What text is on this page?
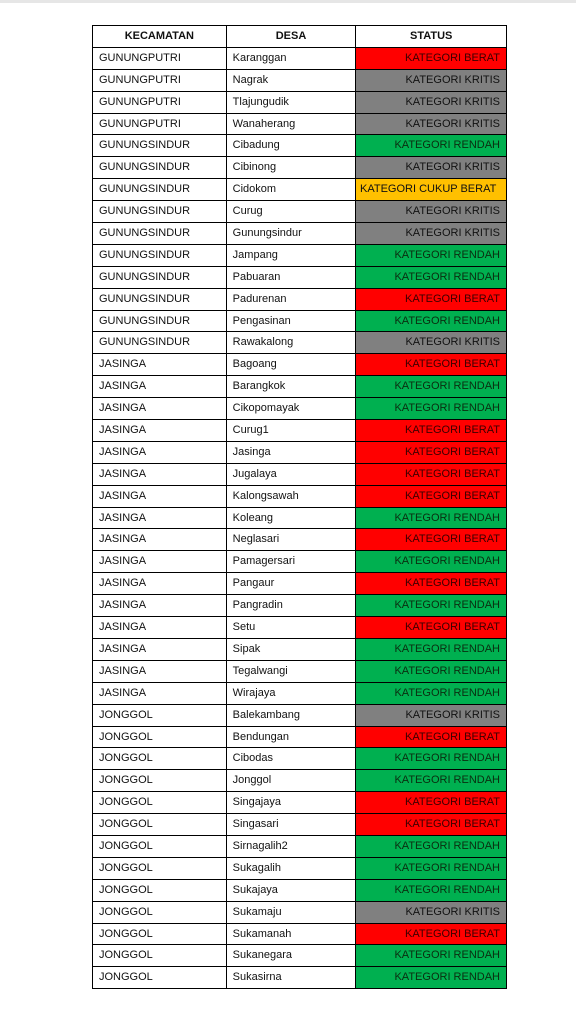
KECAMATAN	DESA	STATUS
GUNUNGPUTRI	Karanggan	KATEGORI BERAT
GUNUNGPUTRI	Nagrak	KATEGORI KRITIS
GUNUNGPUTRI	Tlajungudik	KATEGORI KRITIS
GUNUNGPUTRI	Wanaherang	KATEGORI KRITIS
GUNUNGSINDUR	Cibadung	KATEGORI RENDAH
GUNUNGSINDUR	Cibinong	KATEGORI KRITIS
GUNUNGSINDUR	Cidokom	KATEGORI CUKUP BERAT
GUNUNGSINDUR	Curug	KATEGORI KRITIS
GUNUNGSINDUR	Gunungsindur	KATEGORI KRITIS
GUNUNGSINDUR	Jampang	KATEGORI RENDAH
GUNUNGSINDUR	Pabuaran	KATEGORI RENDAH
GUNUNGSINDUR	Padurenan	KATEGORI BERAT
GUNUNGSINDUR	Pengasinan	KATEGORI RENDAH
GUNUNGSINDUR	Rawakalong	KATEGORI KRITIS
JASINGA	Bagoang	KATEGORI BERAT
JASINGA	Barangkok	KATEGORI RENDAH
JASINGA	Cikopomayak	KATEGORI RENDAH
JASINGA	Curug1	KATEGORI BERAT
JASINGA	Jasinga	KATEGORI BERAT
JASINGA	Jugalaya	KATEGORI BERAT
JASINGA	Kalongsawah	KATEGORI BERAT
JASINGA	Koleang	KATEGORI RENDAH
JASINGA	Neglasari	KATEGORI BERAT
JASINGA	Pamagersari	KATEGORI RENDAH
JASINGA	Pangaur	KATEGORI BERAT
JASINGA	Pangradin	KATEGORI RENDAH
JASINGA	Setu	KATEGORI BERAT
JASINGA	Sipak	KATEGORI RENDAH
JASINGA	Tegalwangi	KATEGORI RENDAH
JASINGA	Wirajaya	KATEGORI RENDAH
JONGGOL	Balekambang	KATEGORI KRITIS
JONGGOL	Bendungan	KATEGORI BERAT
JONGGOL	Cibodas	KATEGORI RENDAH
JONGGOL	Jonggol	KATEGORI RENDAH
JONGGOL	Singajaya	KATEGORI BERAT
JONGGOL	Singasari	KATEGORI BERAT
JONGGOL	Sirnagalih2	KATEGORI RENDAH
JONGGOL	Sukagalih	KATEGORI RENDAH
JONGGOL	Sukajaya	KATEGORI RENDAH
JONGGOL	Sukamaju	KATEGORI KRITIS
JONGGOL	Sukamanah	KATEGORI BERAT
JONGGOL	Sukanegara	KATEGORI RENDAH
JONGGOL	Sukasirna	KATEGORI RENDAH
